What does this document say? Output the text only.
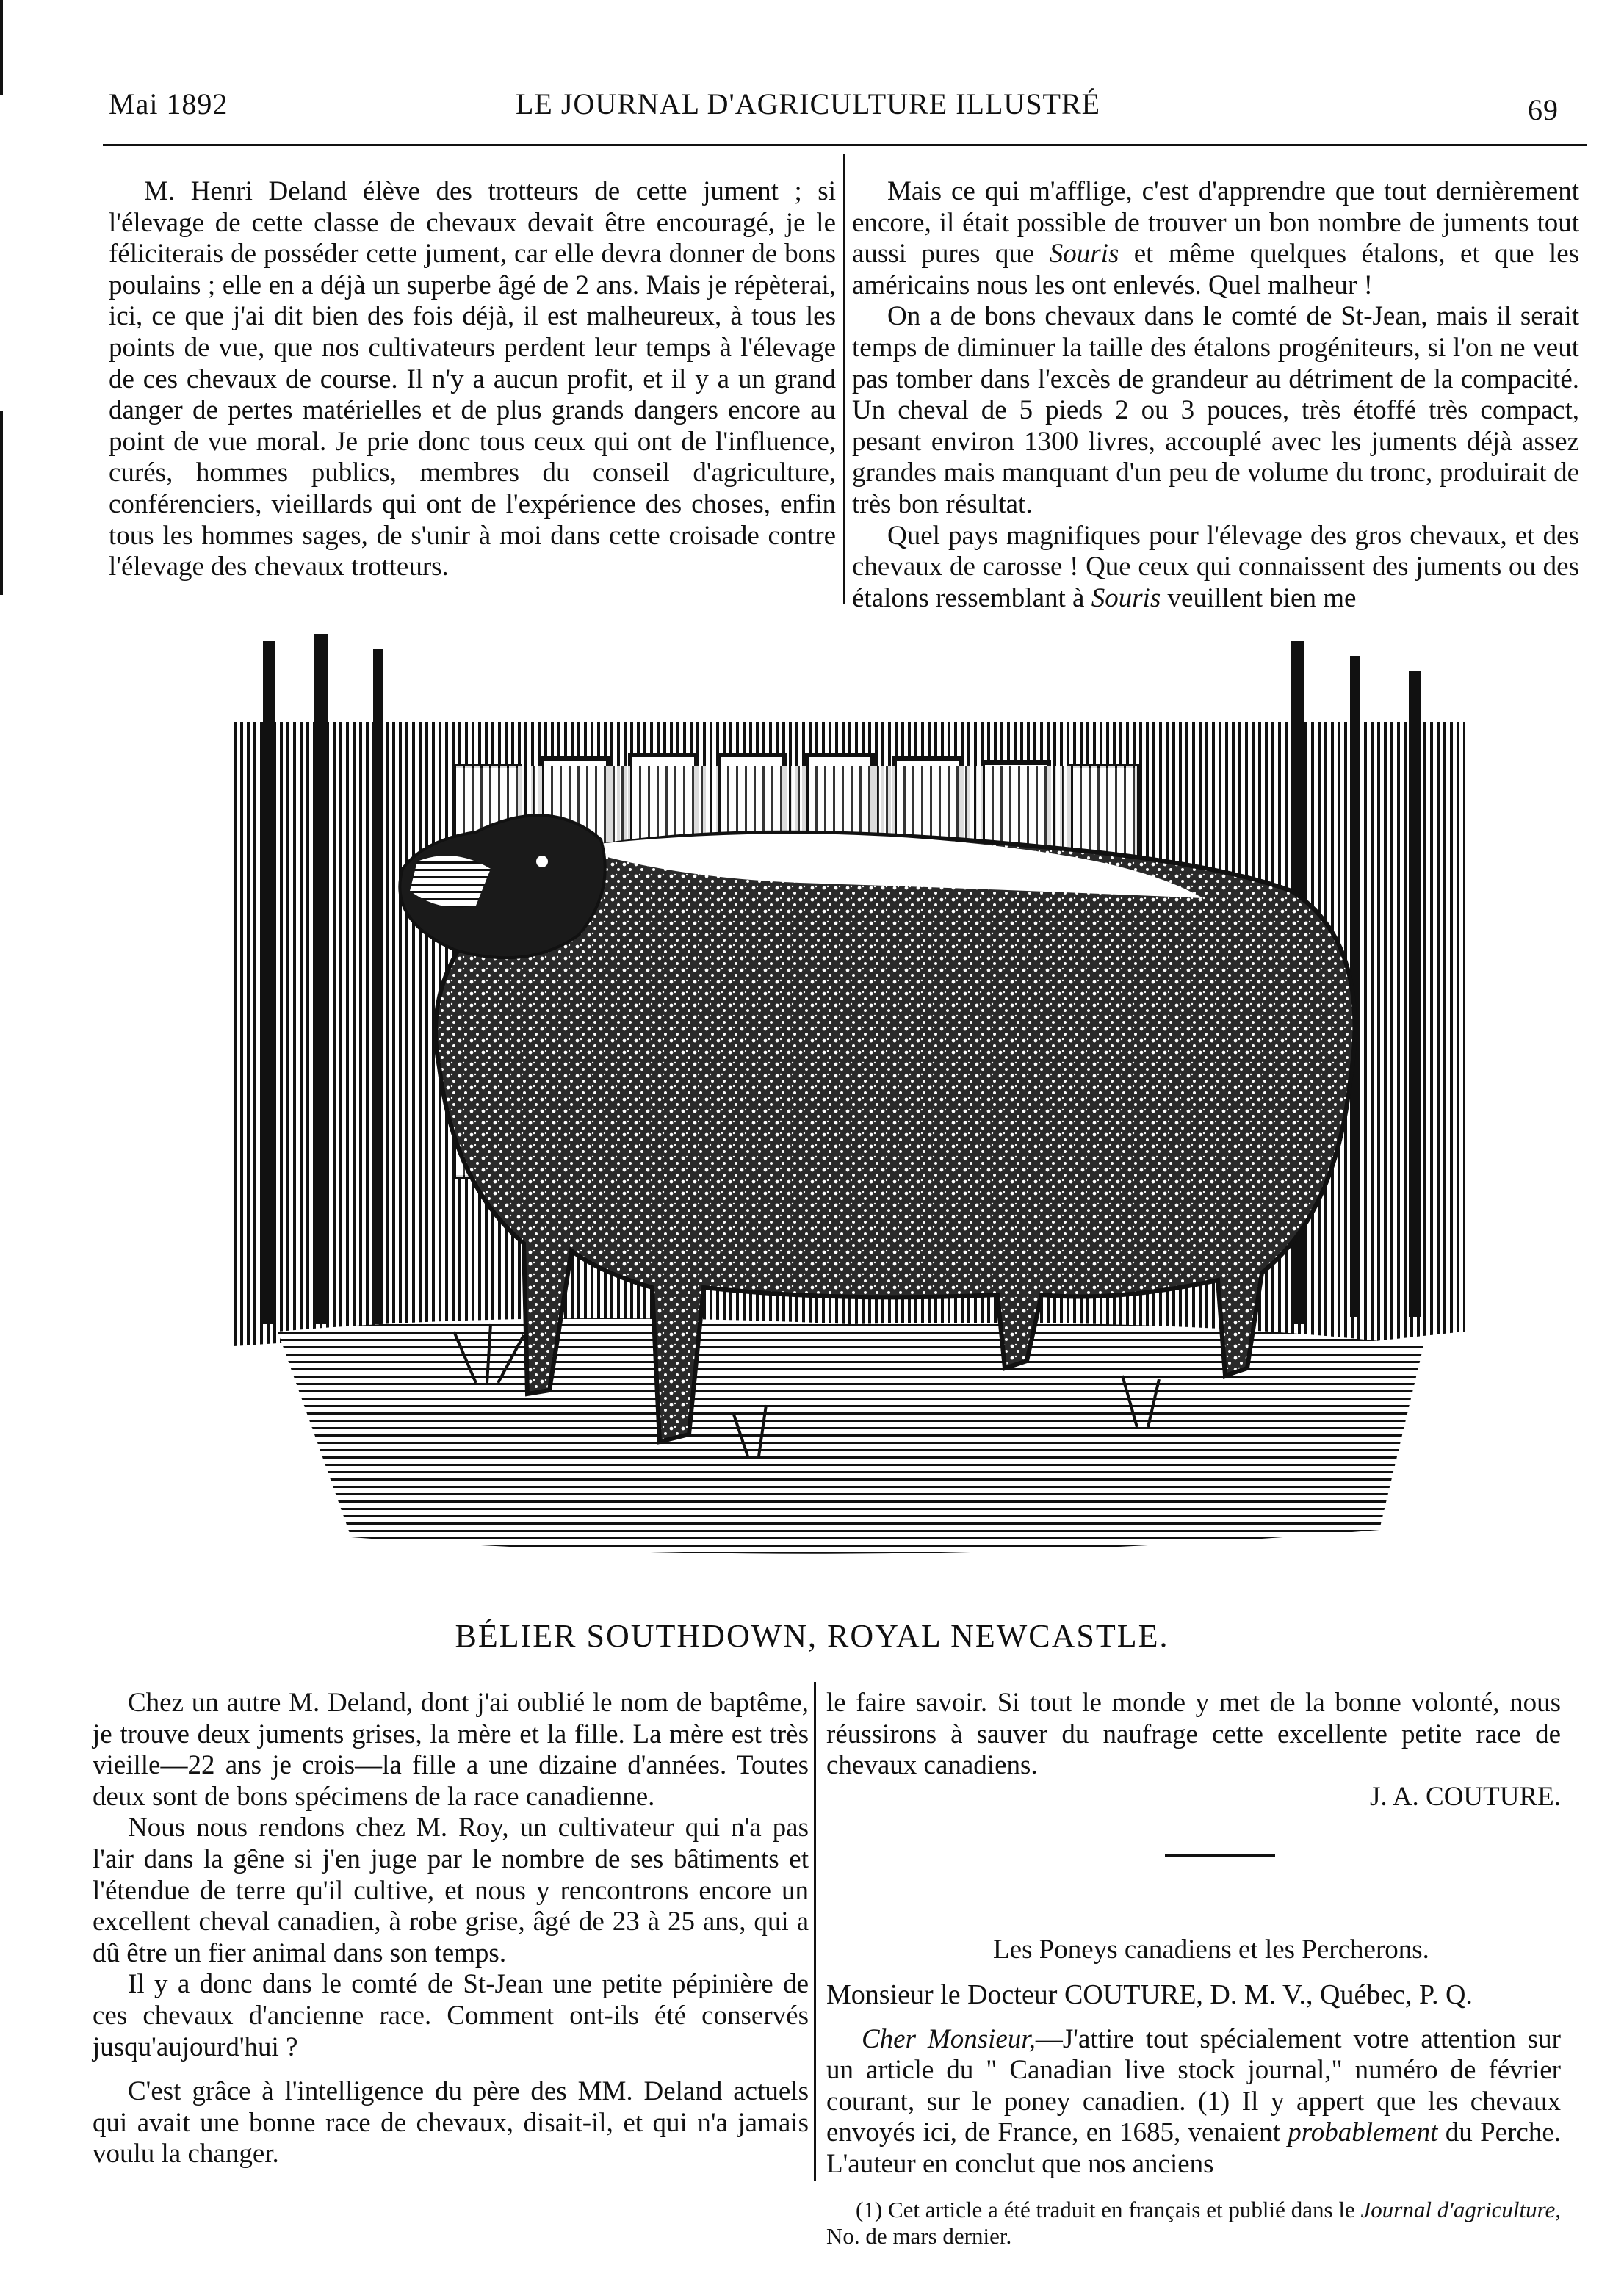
Mai 1892	LE JOURNAL D'AGRICULTURE ILLUSTRÉ	69

M. Henri Deland élève des trotteurs de cette jument ; si l'élevage de cette classe de chevaux devait être encouragé, je le féliciterais de posséder cette jument, car elle devra donner de bons poulains ; elle en a déjà un superbe âgé de 2 ans. Mais je répèterai, ici, ce que j'ai dit bien des fois déjà, il est malheureux, à tous les points de vue, que nos cultivateurs perdent leur temps à l'élevage de ces chevaux de course. Il n'y a aucun profit, et il y a un grand danger de pertes matérielles et de plus grands dangers encore au point de vue moral. Je prie donc tous ceux qui ont de l'influence, curés, hommes publics, membres du conseil d'agriculture, conférenciers, vieillards qui ont de l'expérience des choses, enfin tous les hommes sages, de s'unir à moi dans cette croisade contre l'élevage des chevaux trotteurs.

Mais ce qui m'afflige, c'est d'apprendre que tout dernièrement encore, il était possible de trouver un bon nombre de juments tout aussi pures que Souris et même quelques étalons, et que les américains nous les ont enlevés. Quel malheur !

On a de bons chevaux dans le comté de St-Jean, mais il serait temps de diminuer la taille des étalons progéniteurs, si l'on ne veut pas tomber dans l'excès de grandeur au détriment de la compacité. Un cheval de 5 pieds 2 ou 3 pouces, très étoffé très compact, pesant environ 1300 livres, accouplé avec les juments déjà assez grandes mais manquant d'un peu de volume du tronc, produirait de très bon résultat.

Quel pays magnifiques pour l'élevage des gros chevaux, et des chevaux de carosse ! Que ceux qui connaissent des juments ou des étalons ressemblant à Souris veuillent bien me

BÉLIER SOUTHDOWN, ROYAL NEWCASTLE.

Chez un autre M. Deland, dont j'ai oublié le nom de baptême, je trouve deux juments grises, la mère et la fille. La mère est très vieille—22 ans je crois—la fille a une dizaine d'années. Toutes deux sont de bons spécimens de la race canadienne.

Nous nous rendons chez M. Roy, un cultivateur qui n'a pas l'air dans la gêne si j'en juge par le nombre de ses bâtiments et l'étendue de terre qu'il cultive, et nous y rencontrons encore un excellent cheval canadien, à robe grise, âgé de 23 à 25 ans, qui a dû être un fier animal dans son temps.

Il y a donc dans le comté de St-Jean une petite pépinière de ces chevaux d'ancienne race. Comment ont-ils été conservés jusqu'aujourd'hui ?

C'est grâce à l'intelligence du père des MM. Deland actuels qui avait une bonne race de chevaux, disait-il, et qui n'a jamais voulu la changer.

le faire savoir. Si tout le monde y met de la bonne volonté, nous réussirons à sauver du naufrage cette excellente petite race de chevaux canadiens.

J. A. COUTURE.

Les Poneys canadiens et les Percherons.

Monsieur le Docteur COUTURE, D. M. V., Québec, P. Q.

Cher Monsieur,—J'attire tout spécialement votre attention sur un article du " Canadian live stock journal," numéro de février courant, sur le poney canadien. (1) Il y appert que les chevaux envoyés ici, de France, en 1685, venaient probablement du Perche. L'auteur en conclut que nos anciens

(1) Cet article a été traduit en français et publié dans le Journal d'agriculture, No. de mars dernier.
